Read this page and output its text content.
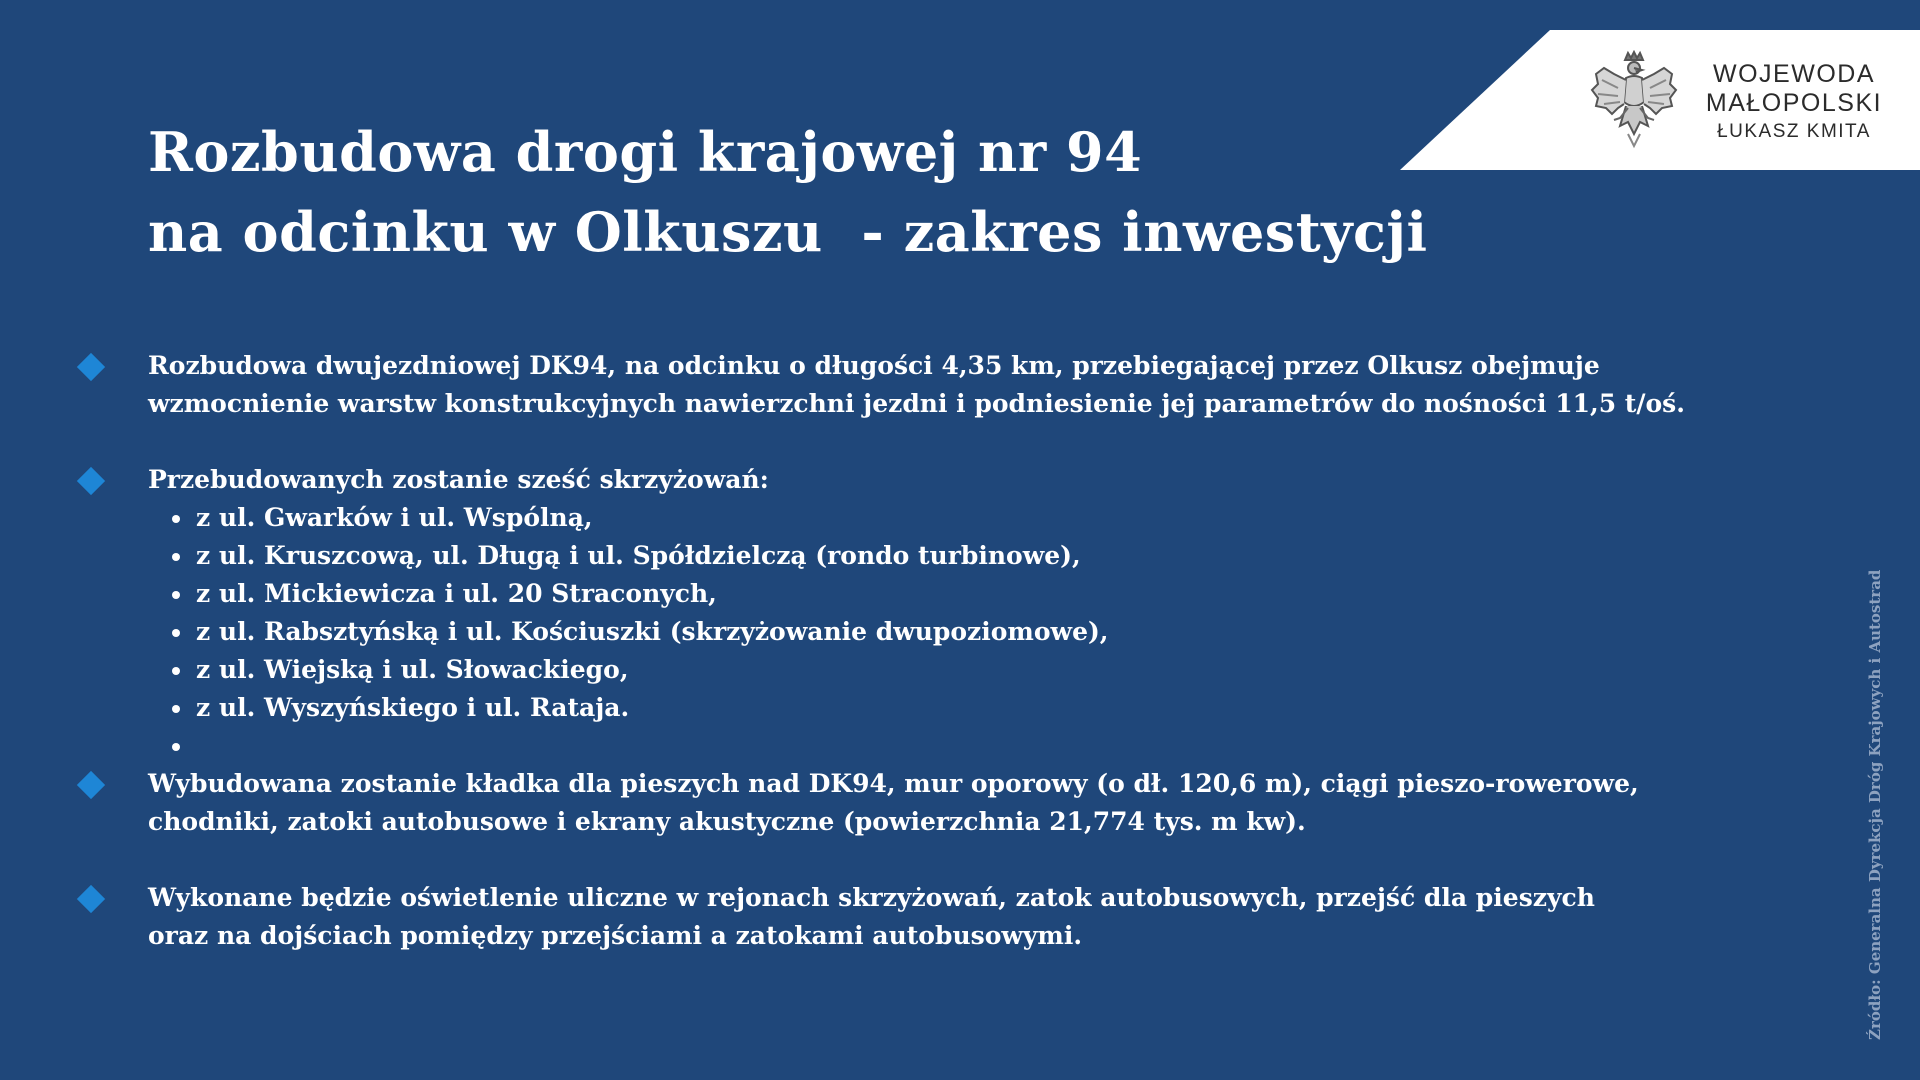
WOJEWODA
MAŁOPOLSKI
ŁUKASZ KMITA
Rozbudowa drogi krajowej nr 94
na odcinku w Olkuszu  - zakres inwestycji
Rozbudowa dwujezdniowej DK94, na odcinku o długości 4,35 km, przebiegającej przez Olkusz obejmuje
wzmocnienie warstw konstrukcyjnych nawierzchni jezdni i podniesienie jej parametrów do nośności 11,5 t/oś.
Przebudowanych zostanie sześć skrzyżowań:
z ul. Gwarków i ul. Wspólną,
z ul. Kruszcową, ul. Długą i ul. Spółdzielczą (rondo turbinowe),
z ul. Mickiewicza i ul. 20 Straconych,
z ul. Rabsztyńską i ul. Kościuszki (skrzyżowanie dwupoziomowe),
z ul. Wiejską i ul. Słowackiego,
z ul. Wyszyńskiego i ul. Rataja.
Wybudowana zostanie kładka dla pieszych nad DK94, mur oporowy (o dł. 120,6 m), ciągi pieszo-rowerowe,
chodniki, zatoki autobusowe i ekrany akustyczne (powierzchnia 21,774 tys. m kw).
Wykonane będzie oświetlenie uliczne w rejonach skrzyżowań, zatok autobusowych, przejść dla pieszych
oraz na dojściach pomiędzy przejściami a zatokami autobusowymi.	Źródło: Generalna Dyrekcja Dróg Krajowych i Autostrad
